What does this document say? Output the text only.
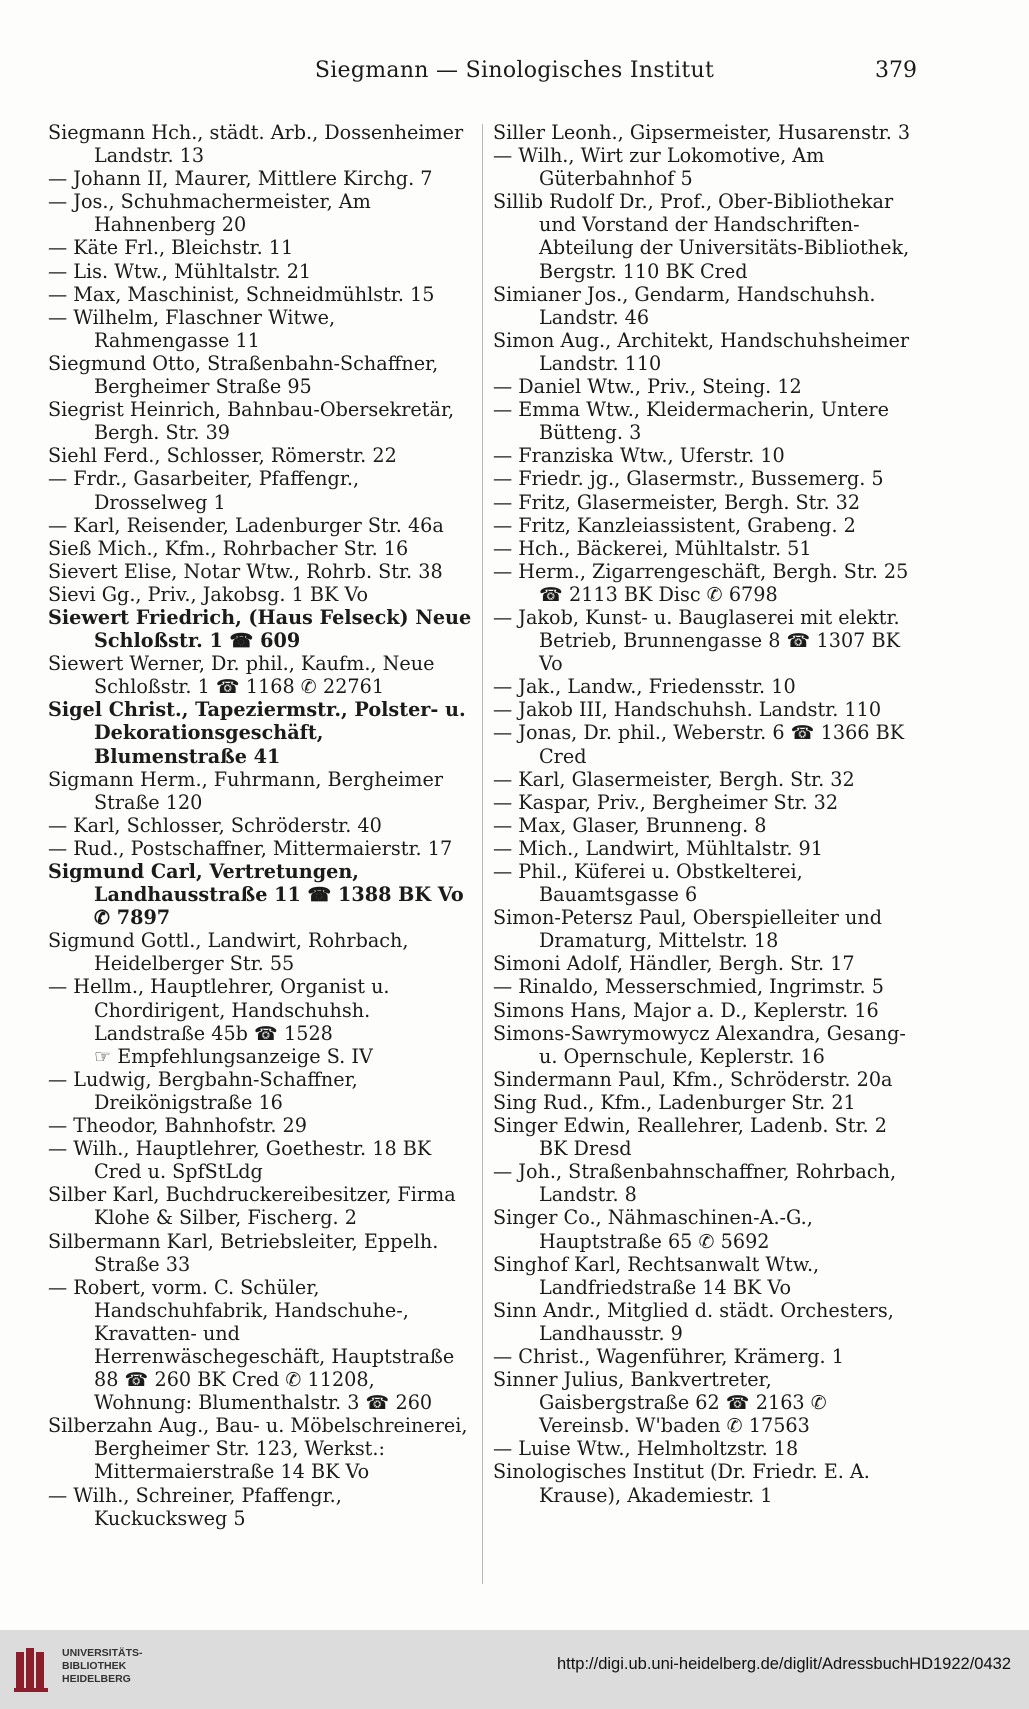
Siegmann — Sinologisches Institut	379

Siegmann Hch., städt. Arb., Dossenheimer Landstr. 13

— Johann II, Maurer, Mittlere Kirchg. 7

— Jos., Schuhmachermeister, Am Hahnenberg 20

— Käte Frl., Bleichstr. 11

— Lis. Wtw., Mühltalstr. 21

— Max, Maschinist, Schneidmühlstr. 15

— Wilhelm, Flaschner Witwe, Rahmengasse 11

Siegmund Otto, Straßenbahn-Schaffner, Bergheimer Straße 95

Siegrist Heinrich, Bahnbau-Obersekretär, Bergh. Str. 39

Siehl Ferd., Schlosser, Römerstr. 22

— Frdr., Gasarbeiter, Pfaffengr., Drosselweg 1

— Karl, Reisender, Ladenburger Str. 46a

Sieß Mich., Kfm., Rohrbacher Str. 16

Sievert Elise, Notar Wtw., Rohrb. Str. 38

Sievi Gg., Priv., Jakobsg. 1 BK Vo

Siewert Friedrich, (Haus Felseck) Neue Schloßstr. 1 ☎ 609

Siewert Werner, Dr. phil., Kaufm., Neue Schloßstr. 1 ☎ 1168 ✆ 22761

Sigel Christ., Tapeziermstr., Polster- u. Dekorationsgeschäft, Blumenstraße 41

Sigmann Herm., Fuhrmann, Bergheimer Straße 120

— Karl, Schlosser, Schröderstr. 40

— Rud., Postschaffner, Mittermaierstr. 17

Sigmund Carl, Vertretungen, Landhausstraße 11 ☎ 1388 BK Vo ✆ 7897

Sigmund Gottl., Landwirt, Rohrbach, Heidelberger Str. 55

— Hellm., Hauptlehrer, Organist u. Chordirigent, Handschuhsh. Landstraße 45b ☎ 1528

☞ Empfehlungsanzeige S. IV

— Ludwig, Bergbahn-Schaffner, Dreikönigstraße 16

— Theodor, Bahnhofstr. 29

— Wilh., Hauptlehrer, Goethestr. 18 BK Cred u. SpfStLdg

Silber Karl, Buchdruckereibesitzer, Firma Klohe & Silber, Fischerg. 2

Silbermann Karl, Betriebsleiter, Eppelh. Straße 33

— Robert, vorm. C. Schüler, Handschuhfabrik, Handschuhe-, Kravatten- und Herrenwäschegeschäft, Hauptstraße 88 ☎ 260 BK Cred ✆ 11208, Wohnung: Blumenthalstr. 3 ☎ 260

Silberzahn Aug., Bau- u. Möbelschreinerei, Bergheimer Str. 123, Werkst.: Mittermaierstraße 14 BK Vo

— Wilh., Schreiner, Pfaffengr., Kuckucksweg 5

Siller Leonh., Gipsermeister, Husarenstr. 3

— Wilh., Wirt zur Lokomotive, Am Güterbahnhof 5

Sillib Rudolf Dr., Prof., Ober-Bibliothekar und Vorstand der Handschriften-Abteilung der Universitäts-Bibliothek, Bergstr. 110 BK Cred

Simianer Jos., Gendarm, Handschuhsh. Landstr. 46

Simon Aug., Architekt, Handschuhsheimer Landstr. 110

— Daniel Wtw., Priv., Steing. 12

— Emma Wtw., Kleidermacherin, Untere Bütteng. 3

— Franziska Wtw., Uferstr. 10

— Friedr. jg., Glasermstr., Bussemerg. 5

— Fritz, Glasermeister, Bergh. Str. 32

— Fritz, Kanzleiassistent, Grabeng. 2

— Hch., Bäckerei, Mühltalstr. 51

— Herm., Zigarrengeschäft, Bergh. Str. 25 ☎ 2113 BK Disc ✆ 6798

— Jakob, Kunst- u. Bauglaserei mit elektr. Betrieb, Brunnengasse 8 ☎ 1307 BK Vo

— Jak., Landw., Friedensstr. 10

— Jakob III, Handschuhsh. Landstr. 110

— Jonas, Dr. phil., Weberstr. 6 ☎ 1366 BK Cred

— Karl, Glasermeister, Bergh. Str. 32

— Kaspar, Priv., Bergheimer Str. 32

— Max, Glaser, Brunneng. 8

— Mich., Landwirt, Mühltalstr. 91

— Phil., Küferei u. Obstkelterei, Bauamtsgasse 6

Simon-Petersz Paul, Oberspielleiter und Dramaturg, Mittelstr. 18

Simoni Adolf, Händler, Bergh. Str. 17

— Rinaldo, Messerschmied, Ingrimstr. 5

Simons Hans, Major a. D., Keplerstr. 16

Simons-Sawrymowycz Alexandra, Gesang- u. Opernschule, Keplerstr. 16

Sindermann Paul, Kfm., Schröderstr. 20a

Sing Rud., Kfm., Ladenburger Str. 21

Singer Edwin, Reallehrer, Ladenb. Str. 2 BK Dresd

— Joh., Straßenbahnschaffner, Rohrbach, Landstr. 8

Singer Co., Nähmaschinen-A.-G., Hauptstraße 65 ✆ 5692

Singhof Karl, Rechtsanwalt Wtw., Landfriedstraße 14 BK Vo

Sinn Andr., Mitglied d. städt. Orchesters, Landhausstr. 9

— Christ., Wagenführer, Krämerg. 1

Sinner Julius, Bankvertreter, Gaisbergstraße 62 ☎ 2163 ✆ Vereinsb. W'baden ✆ 17563

— Luise Wtw., Helmholtzstr. 18

Sinologisches Institut (Dr. Friedr. E. A. Krause), Akademiestr. 1

UNIVERSITÄTS-
BIBLIOTHEK
HEIDELBERG
http://digi.ub.uni-heidelberg.de/diglit/AdressbuchHD1922/0432
